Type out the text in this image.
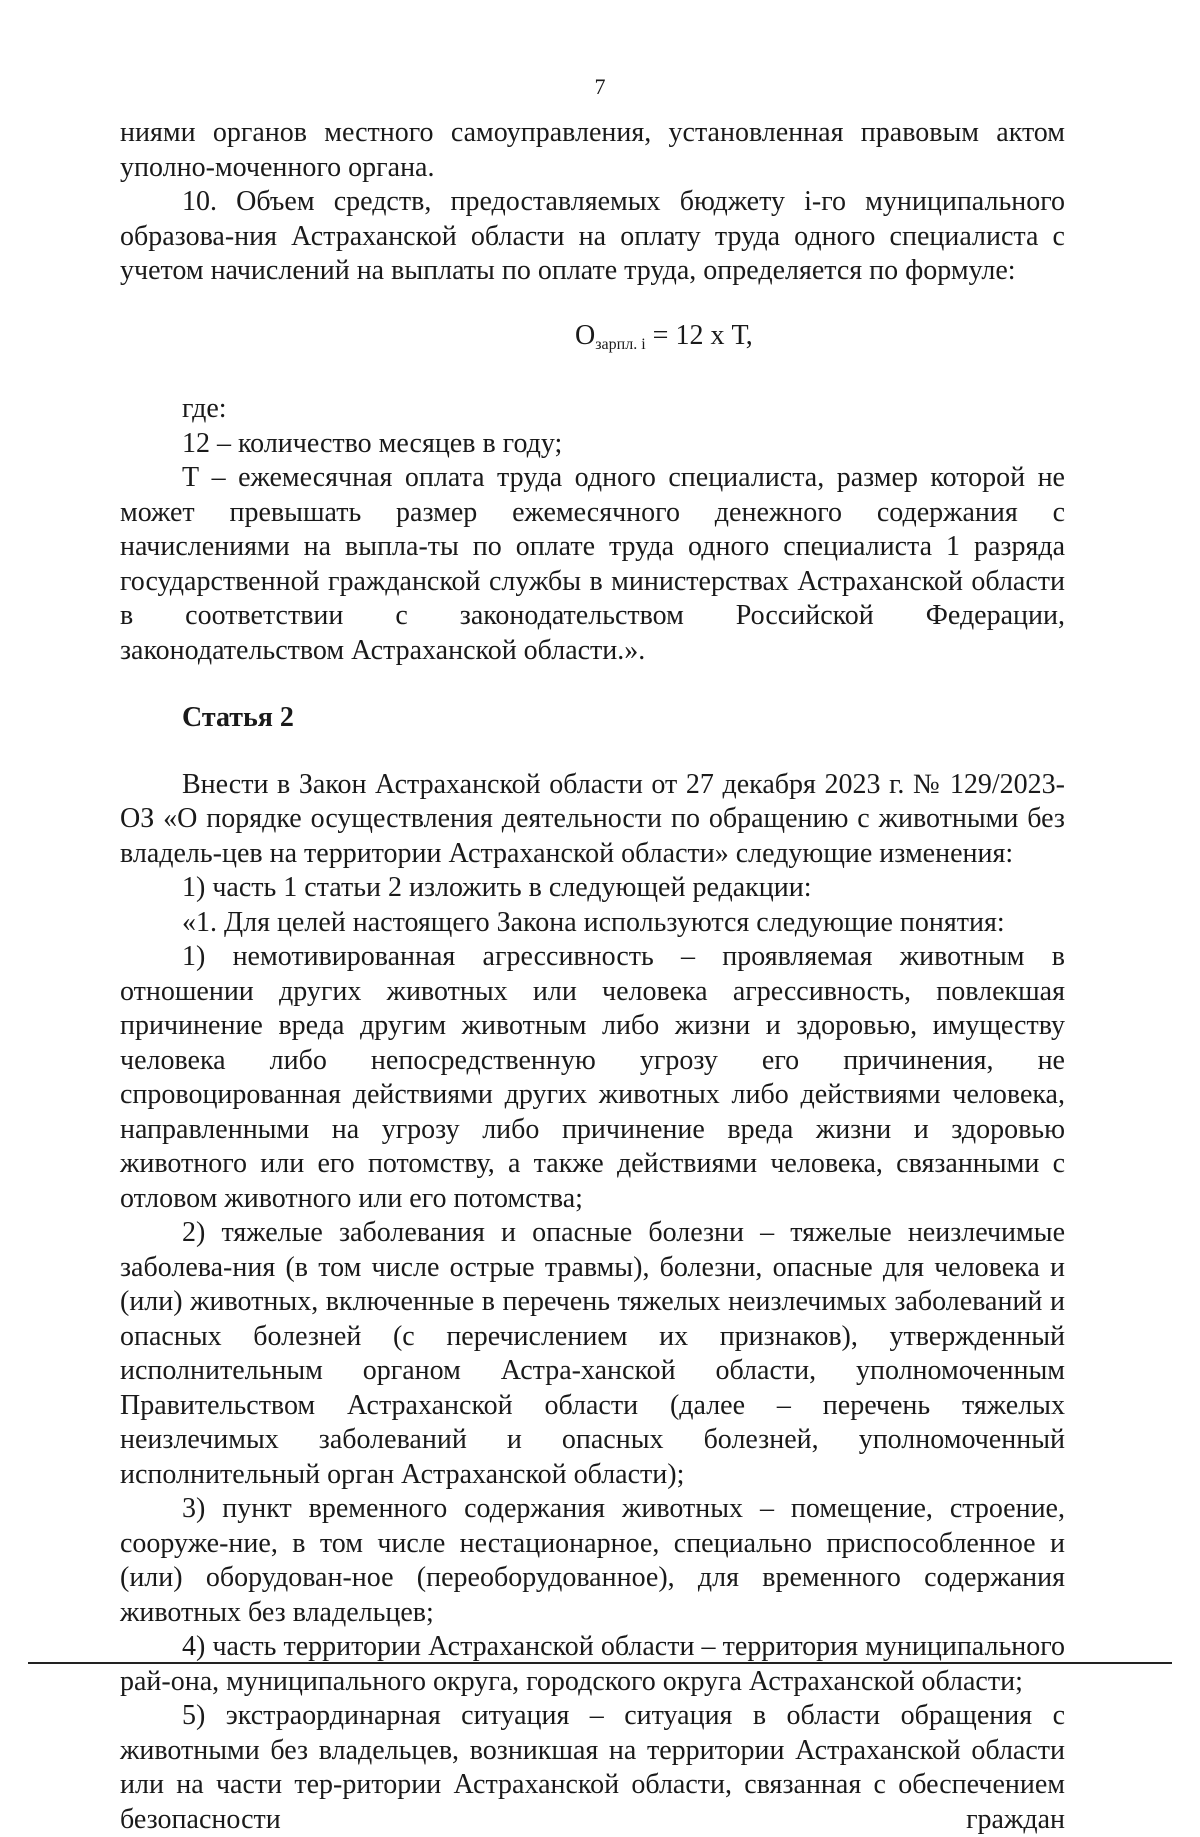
7

ниями органов местного самоуправления, установленная правовым актом уполно-моченного органа.

10. Объем средств, предоставляемых бюджету i-го муниципального образова-ния Астраханской области на оплату труда одного специалиста с учетом начислений на выплаты по оплате труда, определяется по формуле:

$О_{зарпл. i} = 12$ х Т,

где:

12 – количество месяцев в году;

Т – ежемесячная оплата труда одного специалиста, размер которой не может превышать размер ежемесячного денежного содержания с начислениями на выпла-ты по оплате труда одного специалиста 1 разряда государственной гражданской службы в министерствах Астраханской области в соответствии с законодательством Российской Федерации, законодательством Астраханской области.».

Статья 2

Внести в Закон Астраханской области от 27 декабря 2023 г. № 129/2023-ОЗ «О порядке осуществления деятельности по обращению с животными без владель-цев на территории Астраханской области» следующие изменения:

1) часть 1 статьи 2 изложить в следующей редакции:

«1. Для целей настоящего Закона используются следующие понятия:

1) немотивированная агрессивность – проявляемая животным в отношении других животных или человека агрессивность, повлекшая причинение вреда другим животным либо жизни и здоровью, имуществу человека либо непосредственную угрозу его причинения, не спровоцированная действиями других животных либо действиями человека, направленными на угрозу либо причинение вреда жизни и здоровью животного или его потомству, а также действиями человека, связанными с отловом животного или его потомства;

2) тяжелые заболевания и опасные болезни – тяжелые неизлечимые заболева-ния (в том числе острые травмы), болезни, опасные для человека и (или) животных, включенные в перечень тяжелых неизлечимых заболеваний и опасных болезней (с перечислением их признаков), утвержденный исполнительным органом Астра-ханской области, уполномоченным Правительством Астраханской области (далее – перечень тяжелых неизлечимых заболеваний и опасных болезней, уполномоченный исполнительный орган Астраханской области);

3) пункт временного содержания животных – помещение, строение, сооруже-ние, в том числе нестационарное, специально приспособленное и (или) оборудован-ное (переоборудованное), для временного содержания животных без владельцев;

4) часть территории Астраханской области – территория муниципального рай-она, муниципального округа, городского округа Астраханской области;

5) экстраординарная ситуация – ситуация в области обращения с животными без владельцев, возникшая на территории Астраханской области или на части тер-ритории Астраханской области, связанная с обеспечением безопасности граждан
